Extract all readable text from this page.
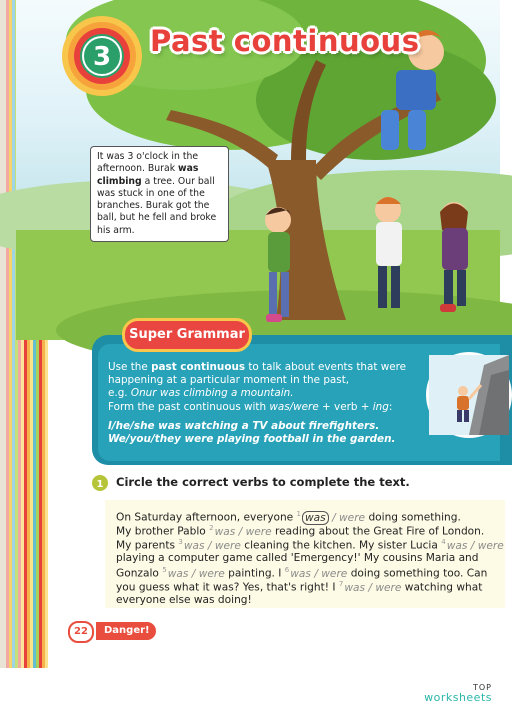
3 Past continuous
It was 3 o'clock in the afternoon. Burak was climbing a tree. Our ball was stuck in one of the branches. Burak got the ball, but he fell and broke his arm.
Super Grammar
Use the past continuous to talk about events that were
happening at a particular moment in the past,
e.g. Onur was climbing a mountain.
Form the past continuous with was/were + verb + ing:
I/he/she was watching a TV about firefighters.
We/you/they were playing football in the garden.
1 Circle the correct verbs to complete the text.
On Saturday afternoon, everyone $^1$ was / were doing something.
My brother Pablo $^2$was / were reading about the Great Fire of London.
My parents $^3$was / were cleaning the kitchen. My sister Lucia $^4$was / were
playing a computer game called 'Emergency!' My cousins Maria and
Gonzalo $^5$was / were painting. I $^6$was / were doing something too. Can
you guess what it was? Yes, that's right! I $^7$was / were watching what
everyone else was doing!
22	Danger!
TOP
worksheets
